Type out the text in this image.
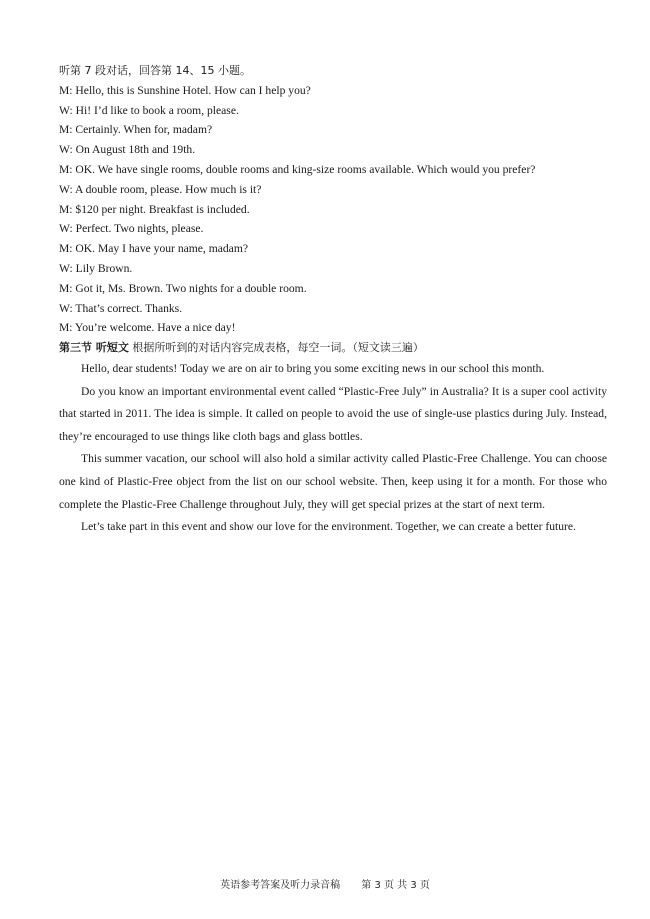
听第 7 段对话，回答第 14、15 小题。

M: Hello, this is Sunshine Hotel. How can I help you?

W: Hi! I’d like to book a room, please.

M: Certainly. When for, madam?

W: On August 18th and 19th.

M: OK. We have single rooms, double rooms and king-size rooms available. Which would you prefer?

W: A double room, please. How much is it?

M: $120 per night. Breakfast is included.

W: Perfect. Two nights, please.

M: OK. May I have your name, madam?

W: Lily Brown.

M: Got it, Ms. Brown. Two nights for a double room.

W: That’s correct. Thanks.

M: You’re welcome. Have a nice day!

第三节 听短文 根据所听到的对话内容完成表格，每空一词。（短文读三遍）

Hello, dear students! Today we are on air to bring you some exciting news in our school this month.

Do you know an important environmental event called “Plastic-Free July” in Australia? It is a super cool activity that started in 2011. The idea is simple. It called on people to avoid the use of single-use plastics during July. Instead, they’re encouraged to use things like cloth bags and glass bottles.

This summer vacation, our school will also hold a similar activity called Plastic-Free Challenge. You can choose one kind of Plastic-Free object from the list on our school website. Then, keep using it for a month. For those who complete the Plastic-Free Challenge throughout July, they will get special prizes at the start of next term.

Let’s take part in this event and show our love for the environment. Together, we can create a better future.

英语参考答案及听力录音稿 第 3 页 共 3 页
